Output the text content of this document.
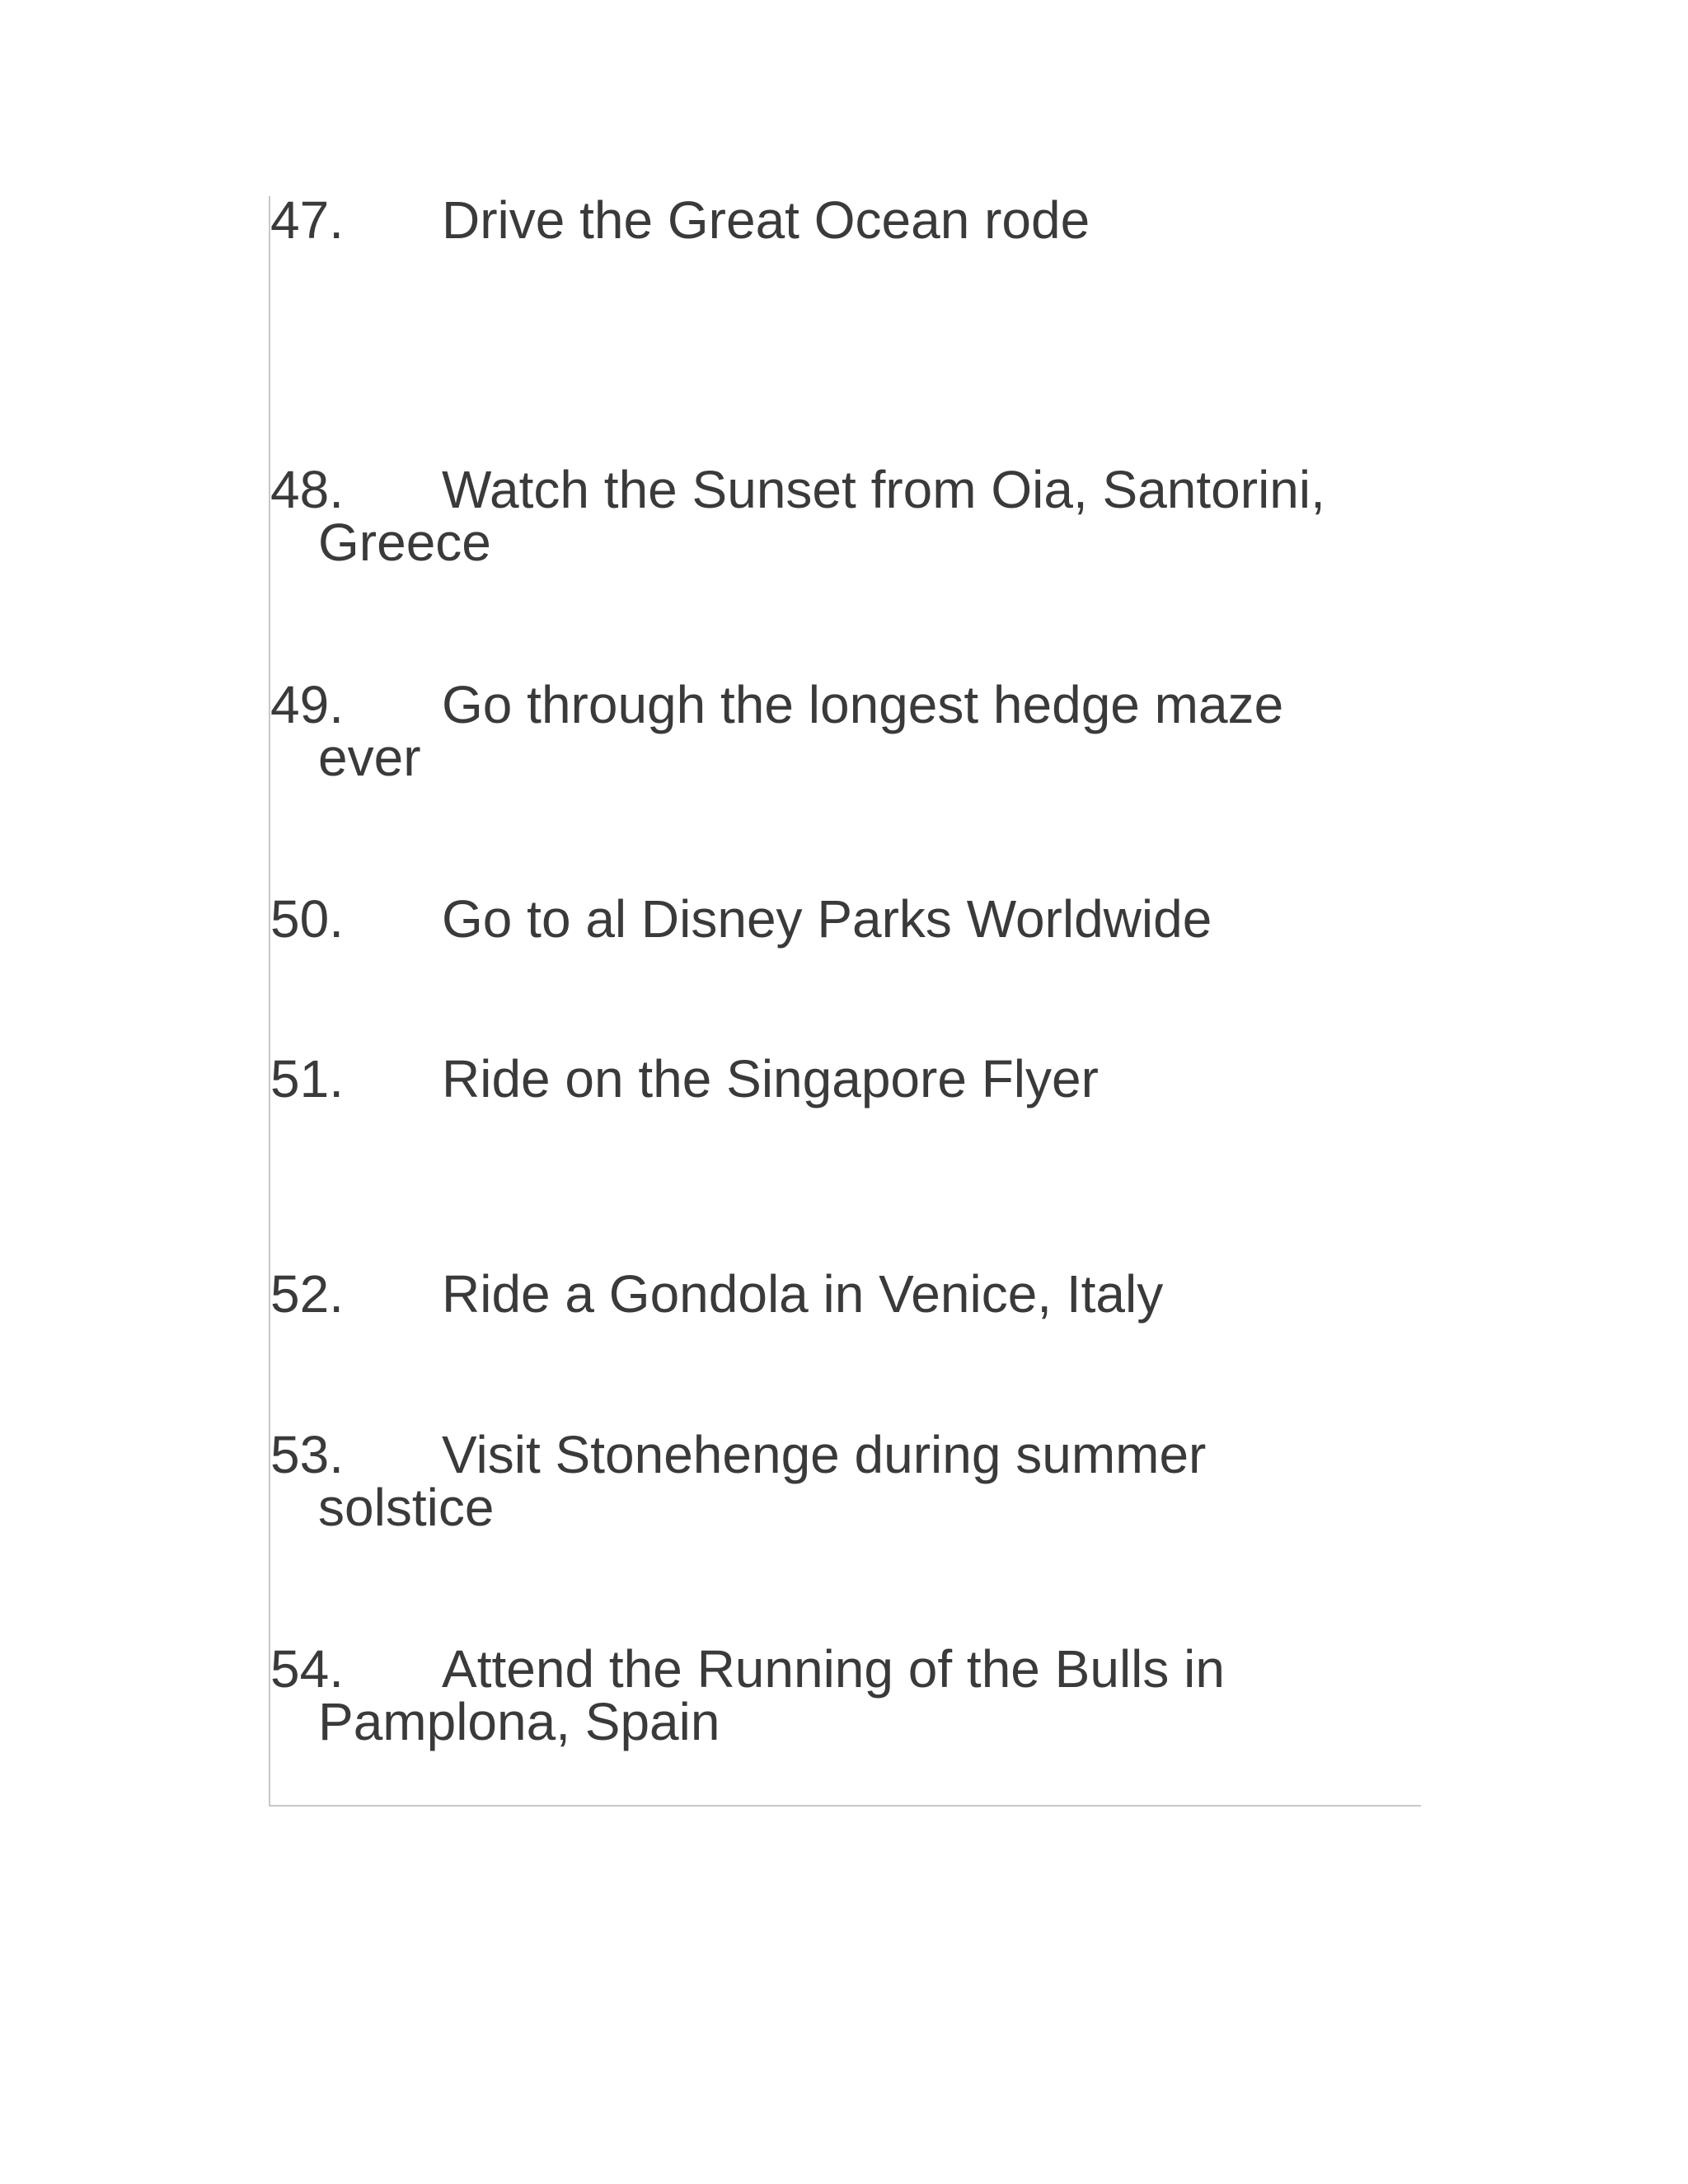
47. Drive the Great Ocean rode
48. Watch the Sunset from Oia, Santorini,
Greece
49. Go through the longest hedge maze
ever
50. Go to al Disney Parks Worldwide
51. Ride on the Singapore Flyer
52. Ride a Gondola in Venice, Italy
53. Visit Stonehenge during summer
solstice
54. Attend the Running of the Bulls in
Pamplona, Spain
